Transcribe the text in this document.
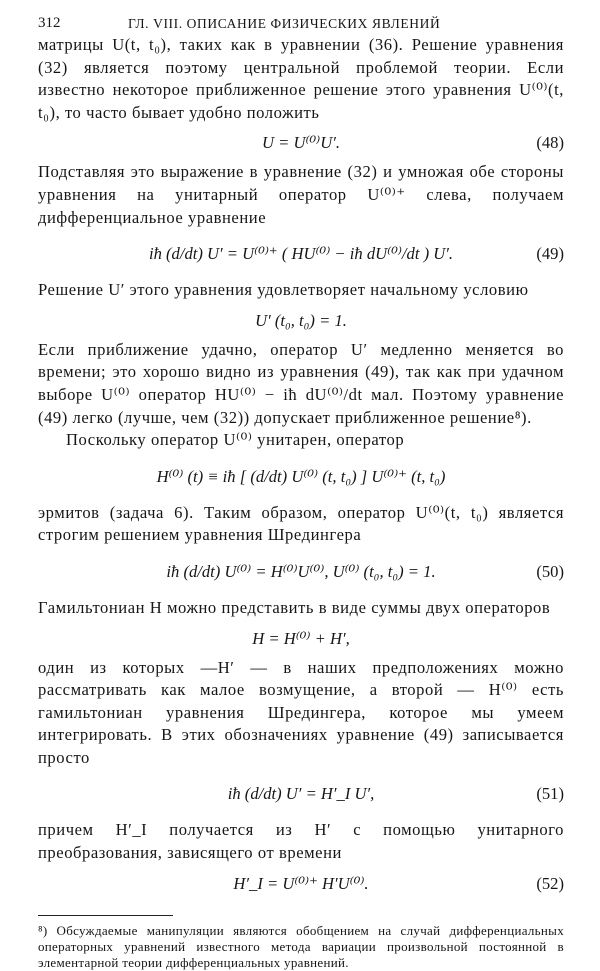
312	ГЛ. VIII. ОПИСАНИЕ ФИЗИЧЕСКИХ ЯВЛЕНИЙ

матрицы U(t, t₀), таких как в уравнении (36). Решение уравнения (32) является поэтому центральной проблемой теории. Если известно некоторое приближенное решение этого уравнения U⁽⁰⁾(t, t₀), то часто бывает удобно положить

U = U⁽⁰⁾U′.	(48)

Подставляя это выражение в уравнение (32) и умножая обе стороны уравнения на унитарный оператор U⁽⁰⁾⁺ слева, получаем дифференциальное уравнение

iħ (d/dt) U′ = U⁽⁰⁾⁺ ( HU⁽⁰⁾ − iħ dU⁽⁰⁾/dt ) U′.	(49)

Решение U′ этого уравнения удовлетворяет начальному условию

U′ (t₀, t₀) = 1.

Если приближение удачно, оператор U′ медленно меняется во времени; это хорошо видно из уравнения (49), так как при удачном выборе U⁽⁰⁾ оператор HU⁽⁰⁾ − iħ dU⁽⁰⁾/dt мал. Поэтому уравнение (49) легко (лучше, чем (32)) допускает приближенное решение⁸).

Поскольку оператор U⁽⁰⁾ унитарен, оператор

H⁽⁰⁾ (t) ≡ iħ [ (d/dt) U⁽⁰⁾ (t, t₀) ] U⁽⁰⁾⁺ (t, t₀)

эрмитов (задача 6). Таким образом, оператор U⁽⁰⁾(t, t₀) является строгим решением уравнения Шредингера

iħ (d/dt) U⁽⁰⁾ = H⁽⁰⁾U⁽⁰⁾, U⁽⁰⁾ (t₀, t₀) = 1.	(50)

Гамильтониан H можно представить в виде суммы двух операторов

H = H⁽⁰⁾ + H′,

один из которых —H′ — в наших предположениях можно рассматривать как малое возмущение, а второй — H⁽⁰⁾ есть гамильтониан уравнения Шредингера, которое мы умеем интегрировать. В этих обозначениях уравнение (49) записывается просто

iħ (d/dt) U′ = H′_I U′,	(51)

причем H′_I получается из H′ с помощью унитарного преобразования, зависящего от времени

H′_I = U⁽⁰⁾⁺ H′U⁽⁰⁾.	(52)
⁸) Обсуждаемые манипуляции являются обобщением на случай дифференциальных операторных уравнений известного метода вариации произвольной постоянной в элементарной теории дифференциальных уравнений.
